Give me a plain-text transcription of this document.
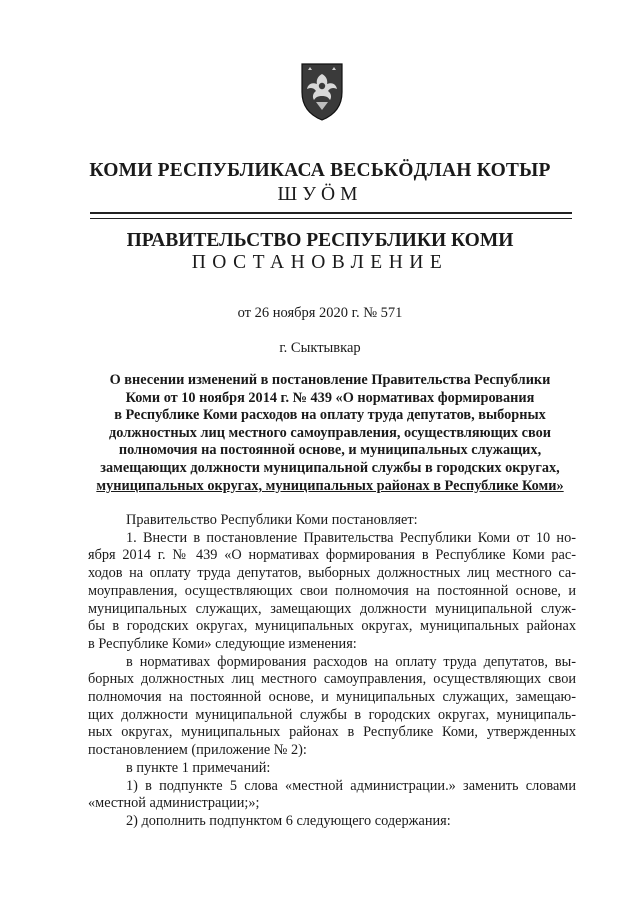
КОМИ РЕСПУБЛИКАСА ВЕСЬКÖДЛАН КОТЫР
ШУÖМ
ПРАВИТЕЛЬСТВО РЕСПУБЛИКИ КОМИ
ПОСТАНОВЛЕНИЕ
от 26 ноября 2020 г. № 571
г. Сыктывкар
О внесении изменений в постановление Правительства Республики
Коми от 10 ноября 2014 г. № 439 «О нормативах формирования
в Республике Коми расходов на оплату труда депутатов, выборных
должностных лиц местного самоуправления, осуществляющих свои
полномочия на постоянной основе, и муниципальных служащих,
замещающих должности муниципальной службы в городских округах,
муниципальных округах, муниципальных районах в Республике Коми»
Правительство Республики Коми постановляет:
1. Внести в постановление Правительства Республики Коми от 10 но-
ября 2014 г. № 439 «О нормативах формирования в Республике Коми рас-
ходов на оплату труда депутатов, выборных должностных лиц местного са-
моуправления, осуществляющих свои полномочия на постоянной основе, и
муниципальных служащих, замещающих должности муниципальной служ-
бы в городских округах, муниципальных округах, муниципальных районах
в Республике Коми» следующие изменения:
в нормативах формирования расходов на оплату труда депутатов, вы-
борных должностных лиц местного самоуправления, осуществляющих свои
полномочия на постоянной основе, и муниципальных служащих, замещаю-
щих должности муниципальной службы в городских округах, муниципаль-
ных округах, муниципальных районах в Республике Коми, утвержденных
постановлением (приложение № 2):
в пункте 1 примечаний:
1) в подпункте 5 слова «местной администрации.» заменить словами
«местной администрации;»;
2) дополнить подпунктом 6 следующего содержания:
